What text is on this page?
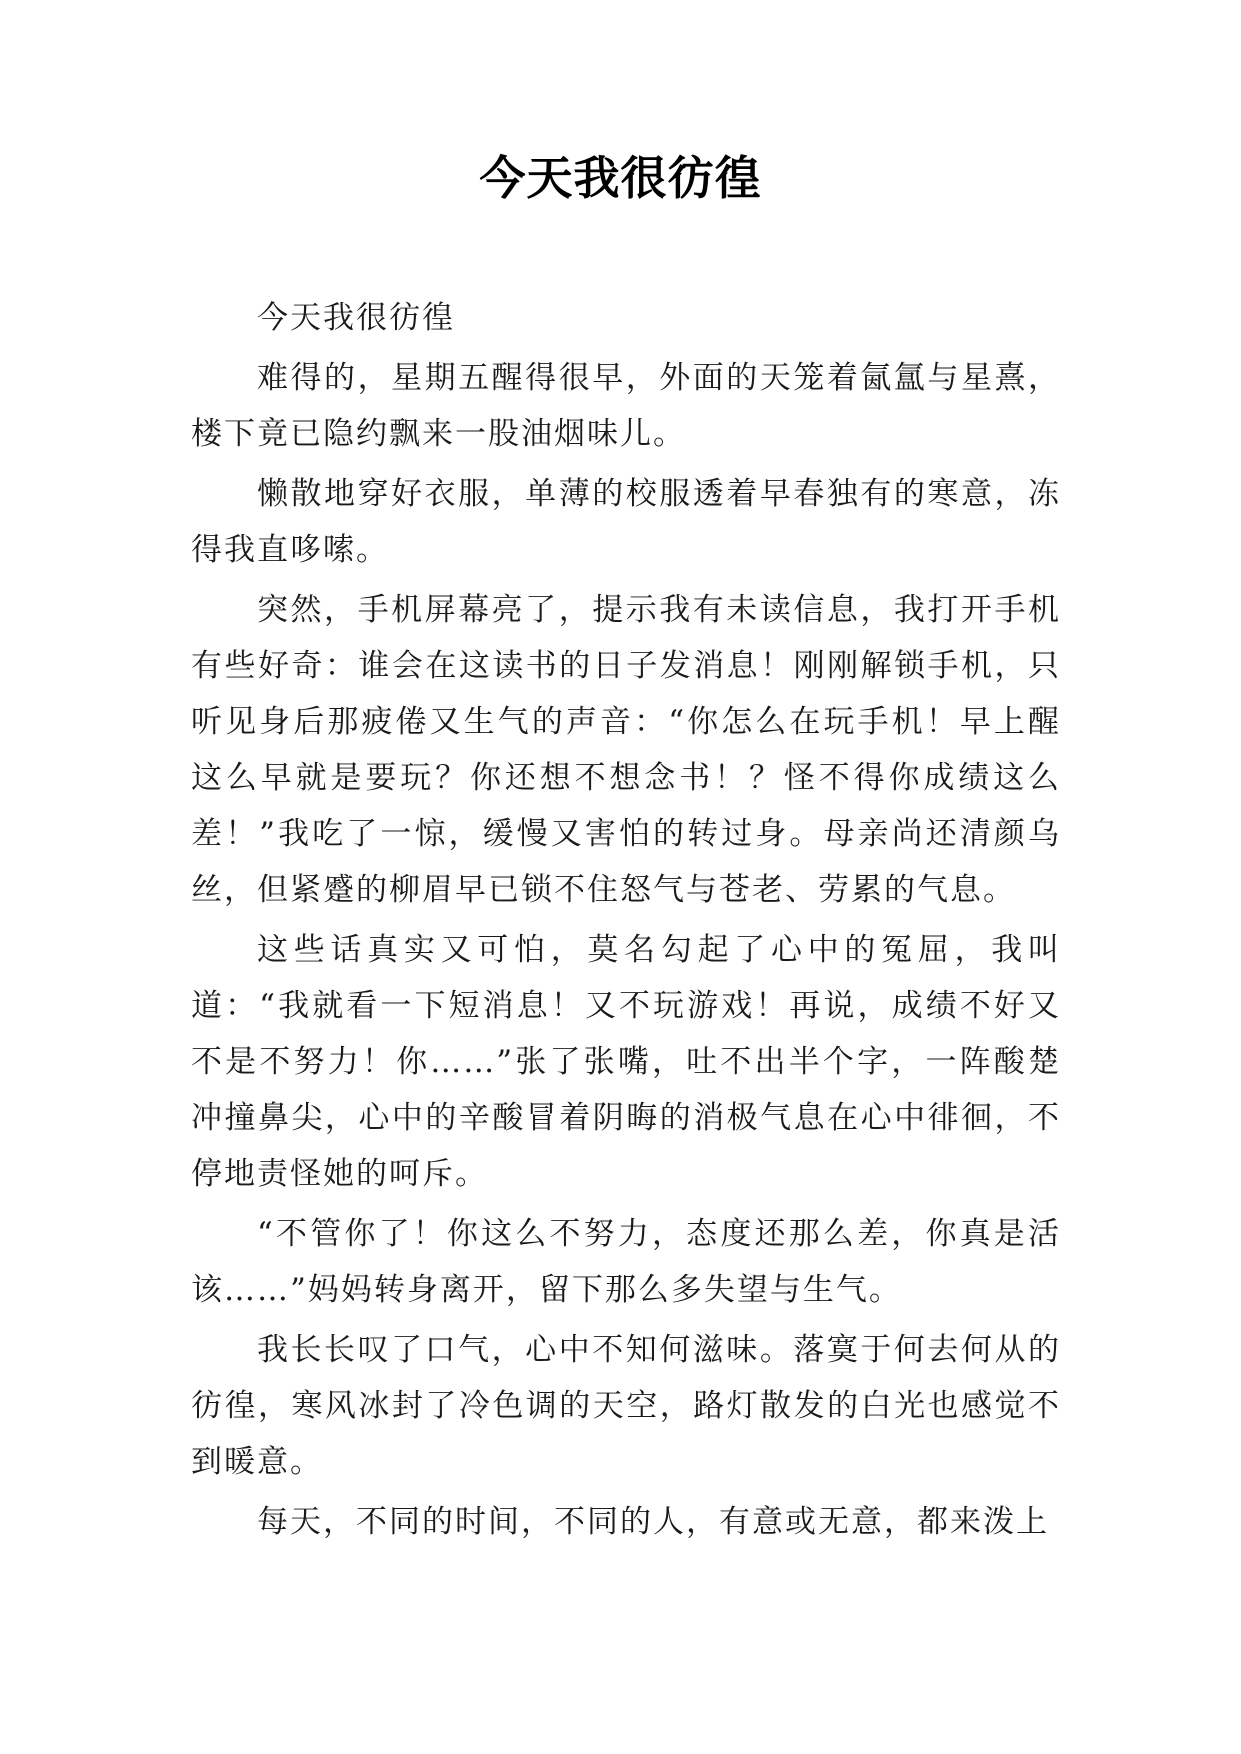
今天我很彷徨

今天我很彷徨

难得的，星期五醒得很早，外面的天笼着氤氲与星熹，楼下竟已隐约飘来一股油烟味儿。

懒散地穿好衣服，单薄的校服透着早春独有的寒意，冻得我直哆嗦。

突然，手机屏幕亮了，提示我有未读信息，我打开手机有些好奇：谁会在这读书的日子发消息！刚刚解锁手机，只听见身后那疲倦又生气的声音：“你怎么在玩手机！早上醒这么早就是要玩？你还想不想念书！？怪不得你成绩这么差！”我吃了一惊，缓慢又害怕的转过身。母亲尚还清颜乌丝，但紧蹙的柳眉早已锁不住怒气与苍老、劳累的气息。

这些话真实又可怕，莫名勾起了心中的冤屈，我叫道：“我就看一下短消息！又不玩游戏！再说，成绩不好又不是不努力！你……”张了张嘴，吐不出半个字，一阵酸楚冲撞鼻尖，心中的辛酸冒着阴晦的消极气息在心中徘徊，不停地责怪她的呵斥。

“不管你了！你这么不努力，态度还那么差，你真是活该……”妈妈转身离开，留下那么多失望与生气。

我长长叹了口气，心中不知何滋味。落寞于何去何从的彷徨，寒风冰封了冷色调的天空，路灯散发的白光也感觉不到暖意。

每天，不同的时间，不同的人，有意或无意，都来泼上
